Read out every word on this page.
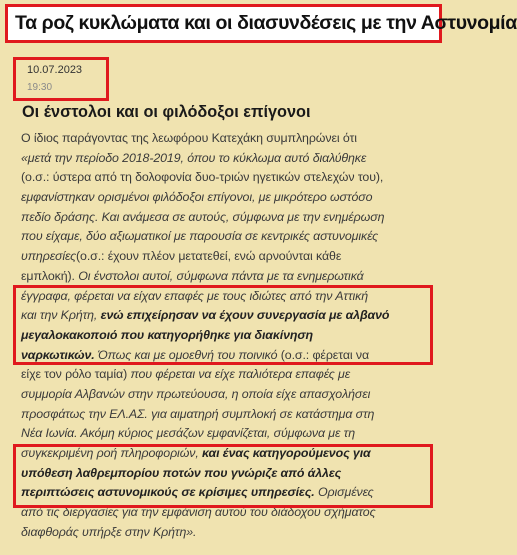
Τα ροζ κυκλώματα και οι διασυνδέσεις με την Αστυνομία
10.07.2023
19:30
Οι ένστολοι και οι φιλόδοξοι επίγονοι
Ο ίδιος παράγοντας της λεωφόρου Κατεχάκη συμπληρώνει ότι
«μετά την περίοδο 2018-2019, όπου το κύκλωμα αυτό διαλύθηκε
(ο.σ.: ύστερα από τη δολοφονία δυο-τριών ηγετικών στελεχών του),
εμφανίστηκαν ορισμένοι φιλόδοξοι επίγονοι, με μικρότερο ωστόσο
πεδίο δράσης. Και ανάμεσα σε αυτούς, σύμφωνα με την ενημέρωση
που είχαμε, δύο αξιωματικοί με παρουσία σε κεντρικές αστυνομικές
υπηρεσίες(ο.σ.: έχουν πλέον μετατεθεί, ενώ αρνούνται κάθε
εμπλοκή). Οι ένστολοι αυτοί, σύμφωνα πάντα με τα ενημερωτικά
έγγραφα, φέρεται να είχαν επαφές με τους ιδιώτες από την Αττική
και την Κρήτη, ενώ επιχείρησαν να έχουν συνεργασία με αλβανό
μεγαλοκακοποιό που κατηγορήθηκε για διακίνηση
ναρκωτικών. Όπως και με ομοεθνή του ποινικό (ο.σ.: φέρεται να
είχε τον ρόλο ταμία) που φέρεται να είχε παλιότερα επαφές με
συμμορία Αλβανών στην πρωτεύουσα, η οποία είχε απασχολήσει
προσφάτως την ΕΛ.ΑΣ. για αιματηρή συμπλοκή σε κατάστημα στη
Νέα Ιωνία. Ακόμη κύριος μεσάζων εμφανίζεται, σύμφωνα με τη
συγκεκριμένη ροή πληροφοριών, και ένας κατηγορούμενος για
υπόθεση λαθρεμπορίου ποτών που γνώριζε από άλλες
περιπτώσεις αστυνομικούς σε κρίσιμες υπηρεσίες. Ορισμένες
από τις διεργασίες για την εμφάνιση αυτού του διάδοχου σχήματος
διαφθοράς υπήρξε στην Κρήτη».
